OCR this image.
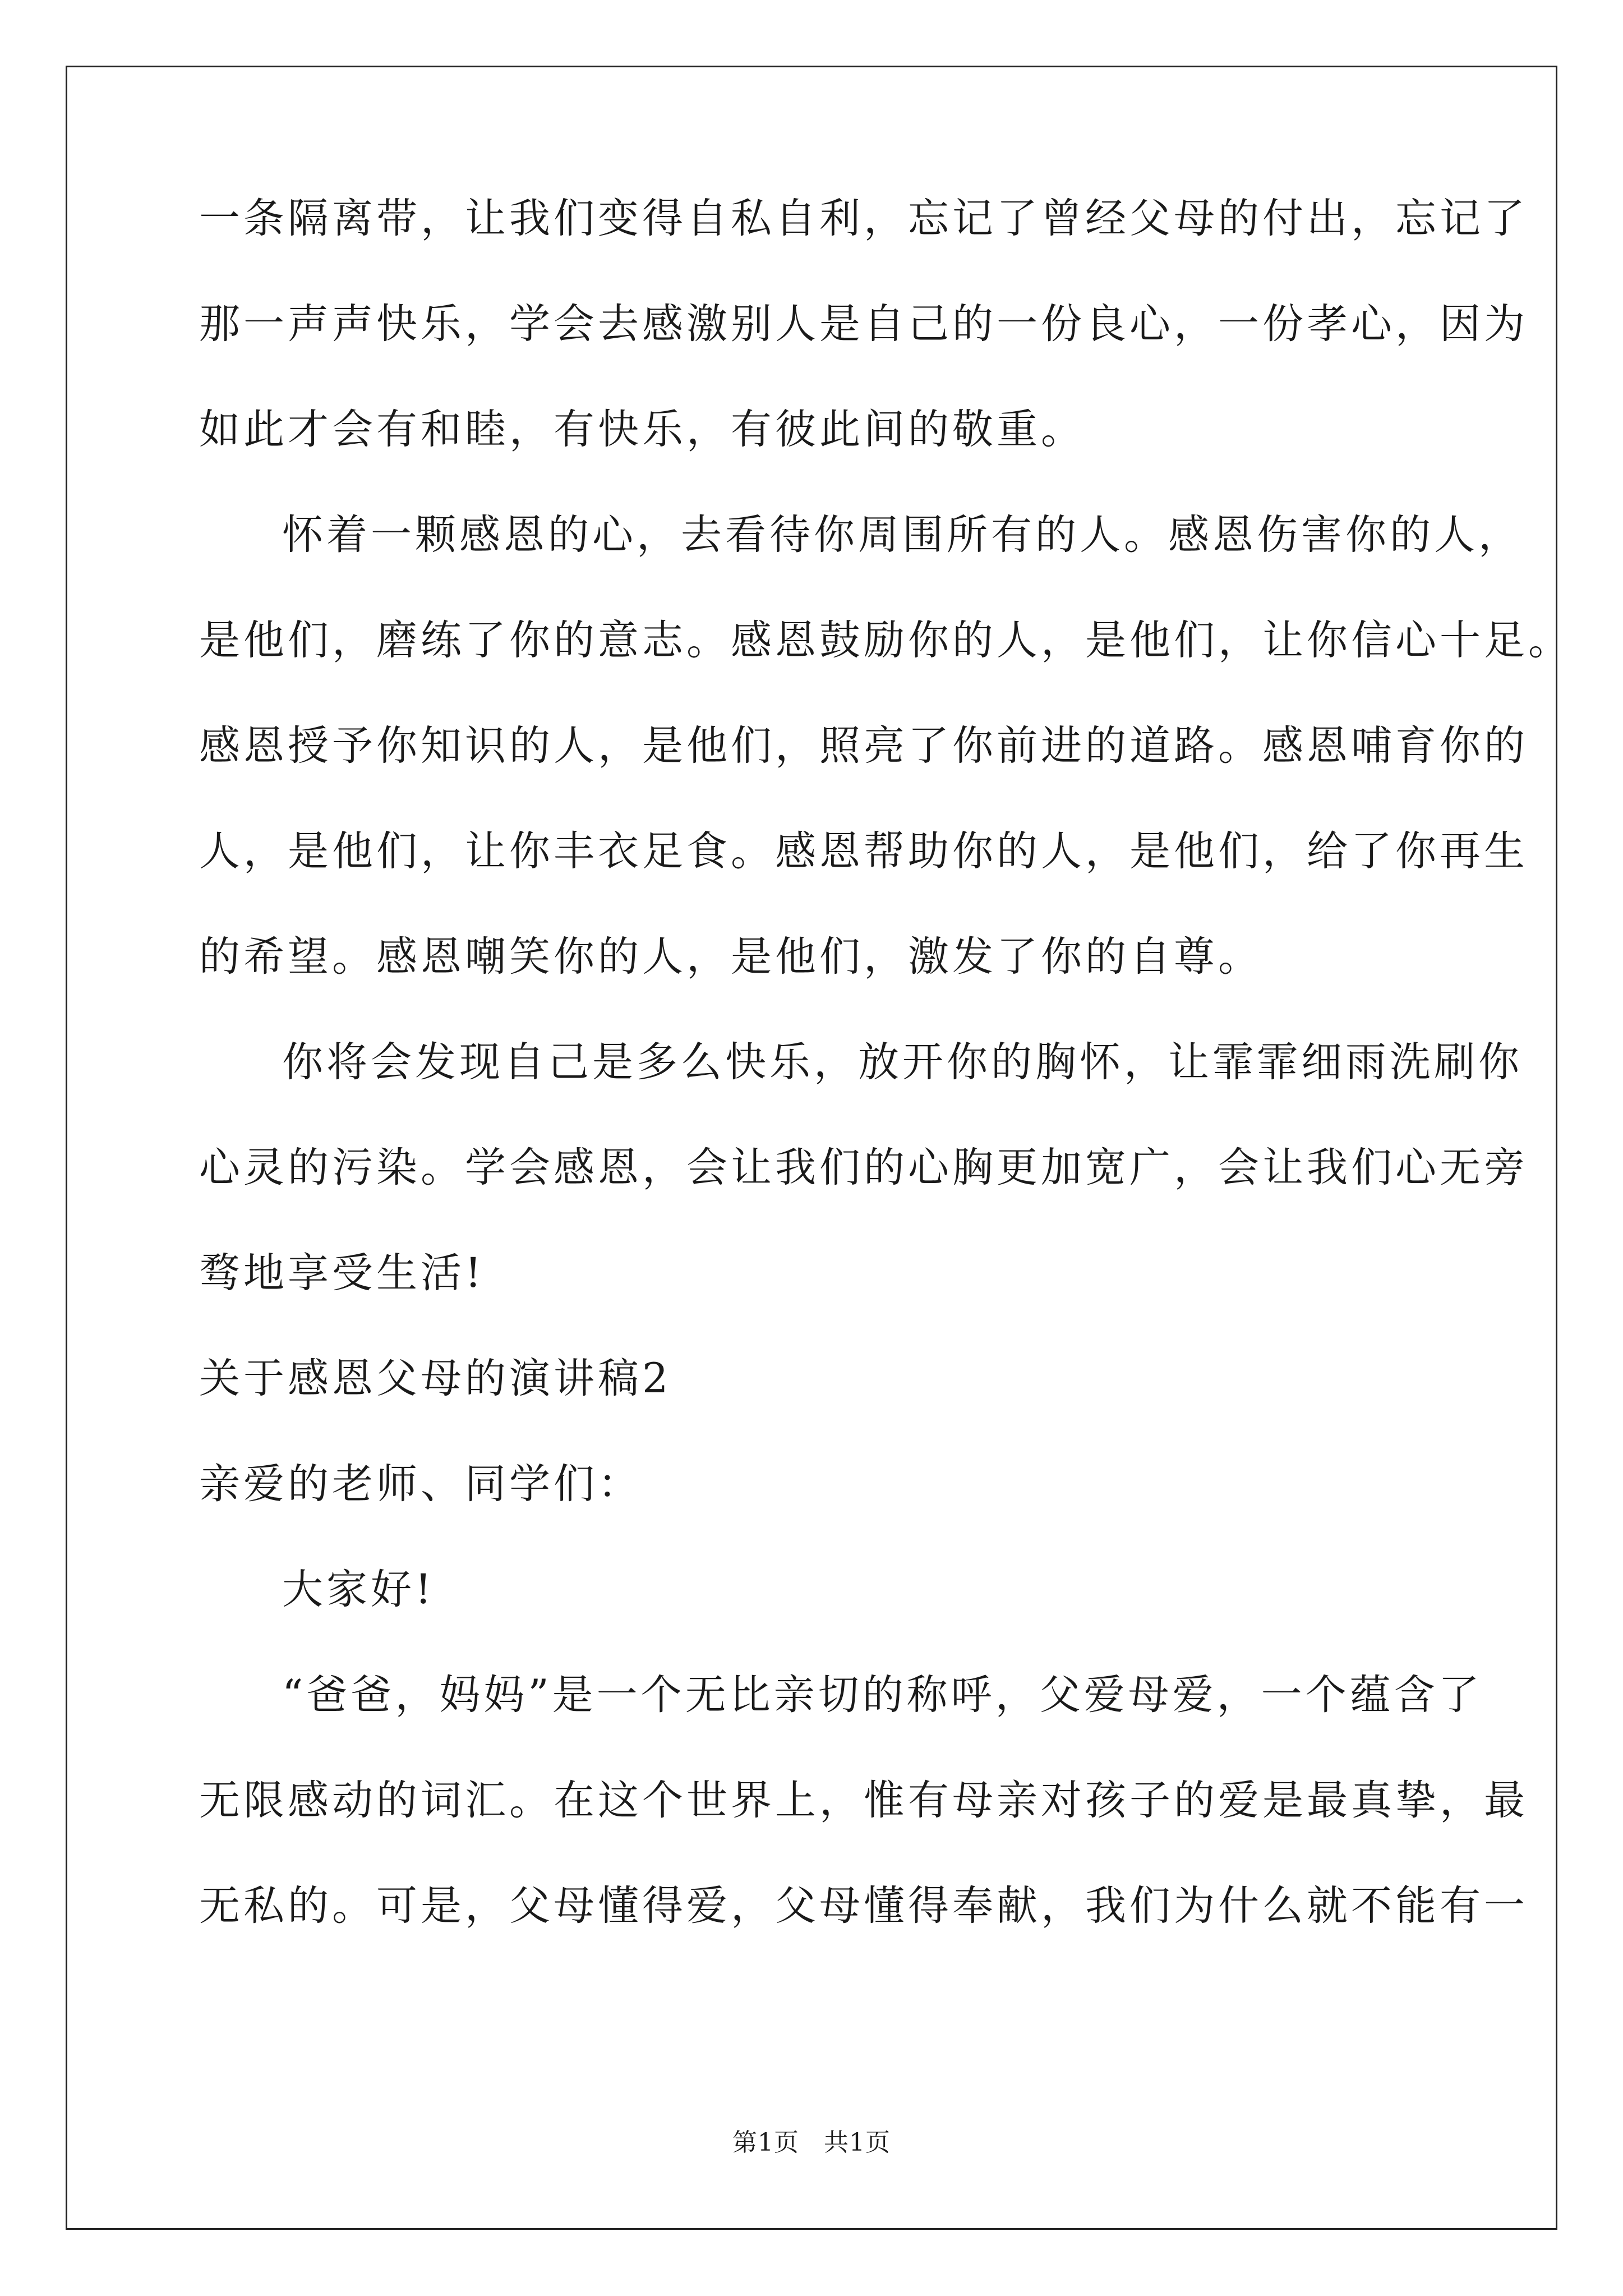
一条隔离带，让我们变得自私自利，忘记了曾经父母的付出，忘记了
那一声声快乐，学会去感激别人是自己的一份良心，一份孝心，因为
如此才会有和睦，有快乐，有彼此间的敬重。
怀着一颗感恩的心，去看待你周围所有的人。感恩伤害你的人，
是他们，磨练了你的意志。感恩鼓励你的人，是他们，让你信心十足。
感恩授予你知识的人，是他们，照亮了你前进的道路。感恩哺育你的
人，是他们，让你丰衣足食。感恩帮助你的人，是他们，给了你再生
的希望。感恩嘲笑你的人，是他们，激发了你的自尊。
你将会发现自己是多么快乐，放开你的胸怀，让霏霏细雨洗刷你
心灵的污染。学会感恩，会让我们的心胸更加宽广，会让我们心无旁
骛地享受生活!
关于感恩父母的演讲稿2
亲爱的老师、同学们：
大家好!
“爸爸，妈妈”是一个无比亲切的称呼，父爱母爱，一个蕴含了
无限感动的词汇。在这个世界上，惟有母亲对孩子的爱是最真挚，最
无私的。可是，父母懂得爱，父母懂得奉献，我们为什么就不能有一
第1页 共1页
